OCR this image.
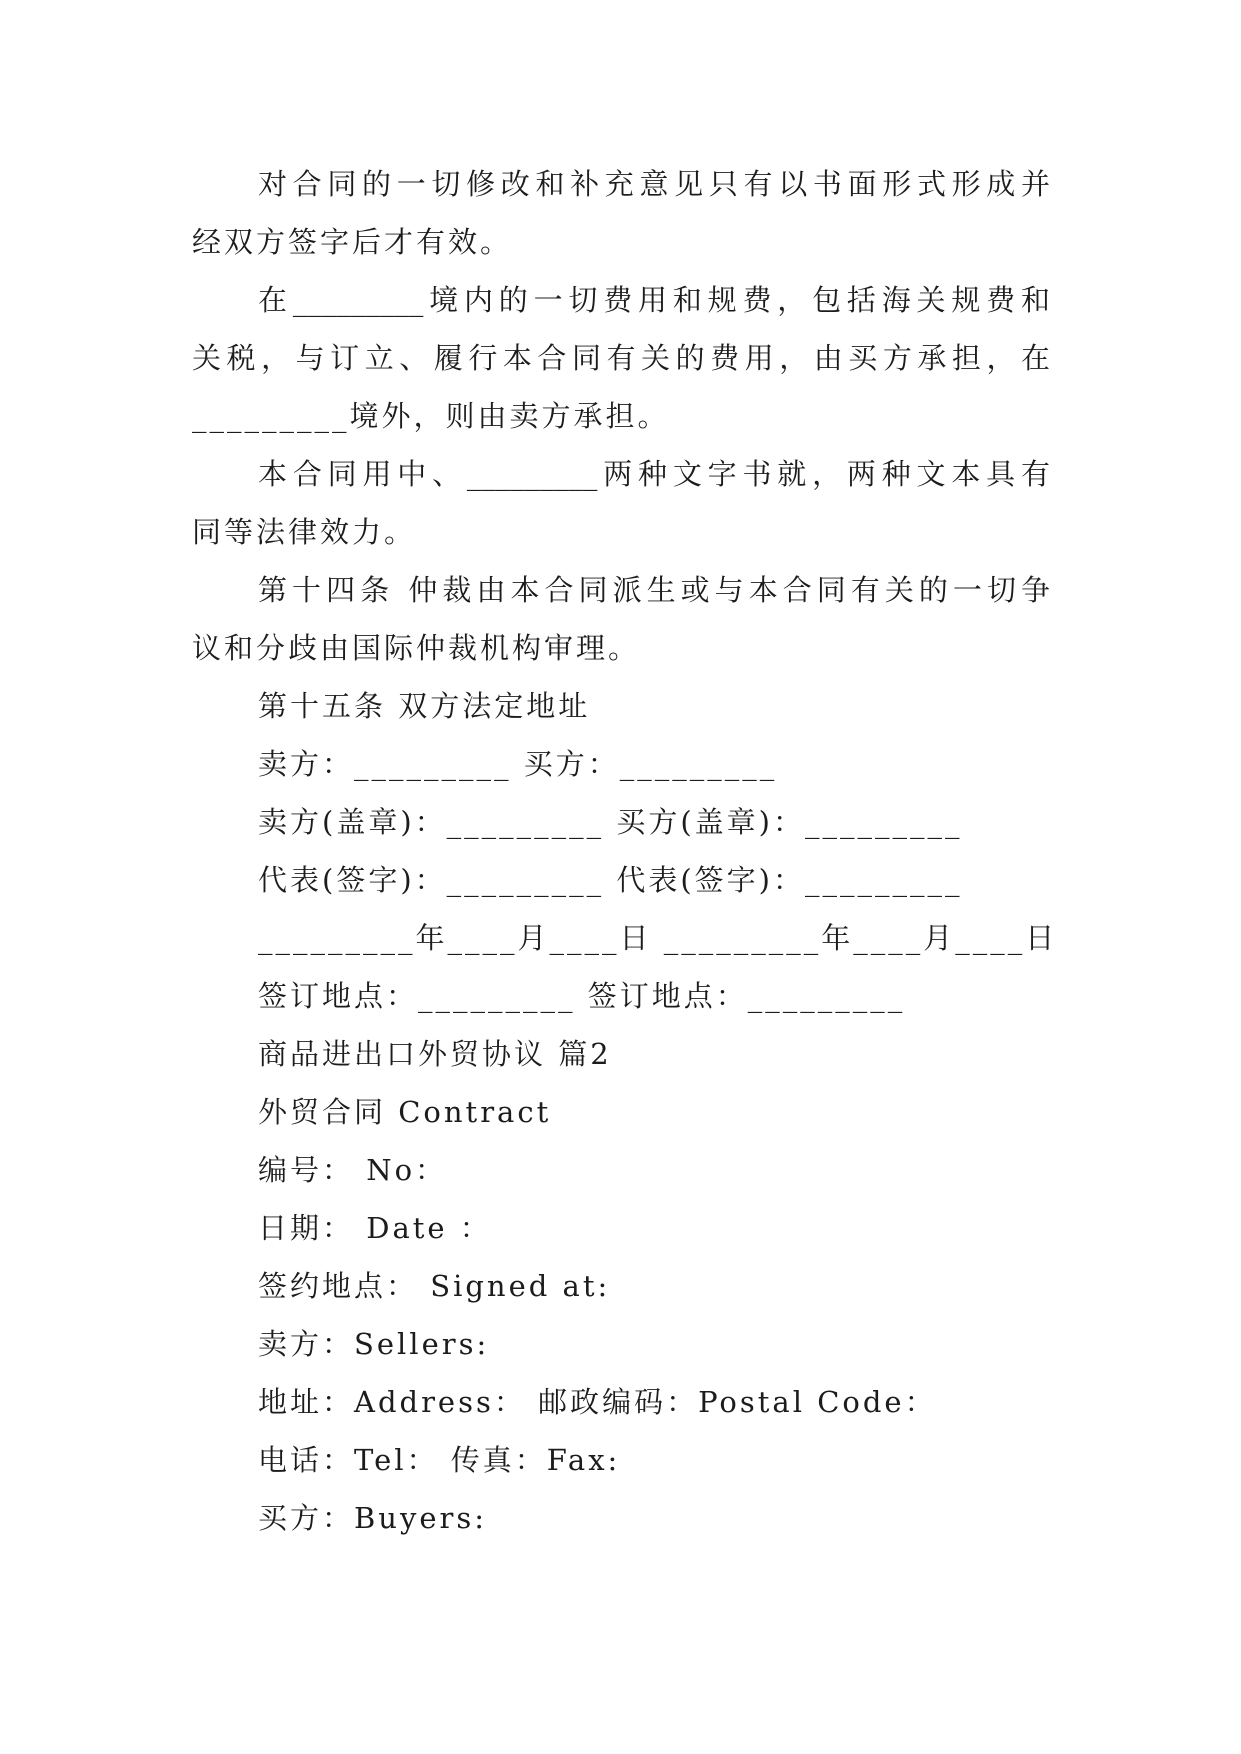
对合同的一切修改和补充意见只有以书面形式形成并
经双方签字后才有效。
在_________境内的一切费用和规费，包括海关规费和
关税，与订立、履行本合同有关的费用，由买方承担，在
_________境外，则由卖方承担。
本合同用中、_________两种文字书就，两种文本具有
同等法律效力。
第十四条 仲裁由本合同派生或与本合同有关的一切争
议和分歧由国际仲裁机构审理。
第十五条 双方法定地址
卖方：_________ 买方：_________
卖方(盖章)：_________ 买方(盖章)：_________
代表(签字)：_________ 代表(签字)：_________
_________年____月____日 _________年____月____日
签订地点：_________ 签订地点：_________
商品进出口外贸协议 篇2
外贸合同 Contract
编号： No：
日期： Date ：
签约地点： Signed at:
卖方：Sellers:
地址：Address： 邮政编码：Postal Code：
电话：Tel： 传真：Fax:
买方：Buyers:
